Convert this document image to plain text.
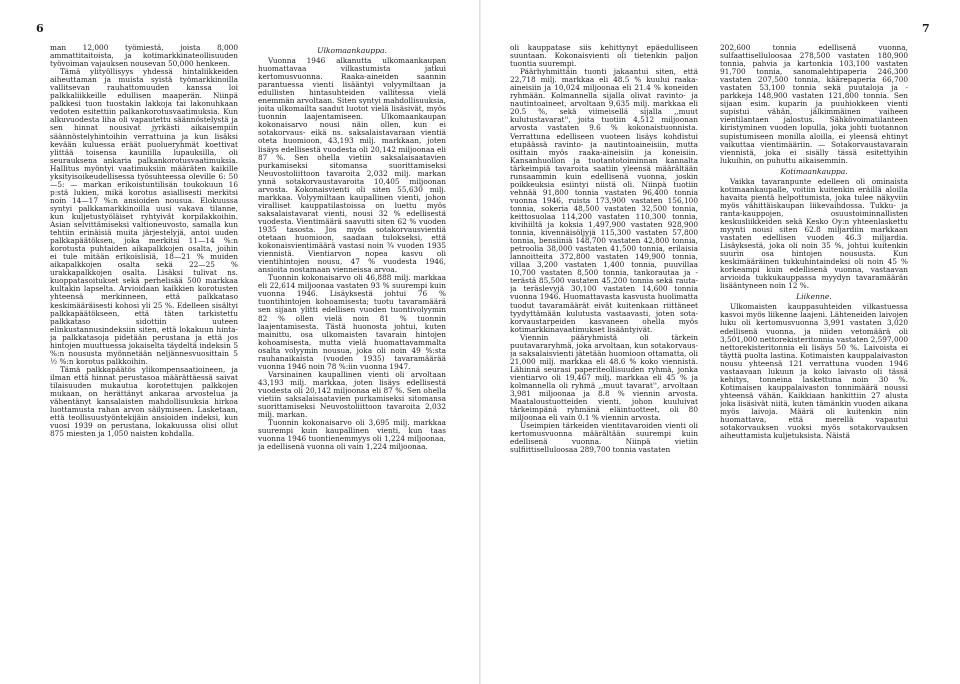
6	7

man 12,000 työmiestä, joista 8,000 ammattitaitoista, ja kotimarkkinateollisuuden työvoiman vajauksen nousevan 50,000 henkeen.

Tämä ylityöllisyys yhdessä hintaliikkeiden aiheuttaman ja muista syistä työmarkkinoilla vallitsevan rauhattomuuden kanssa loi palkkaliikkeille edullisen maaperän. Niinpä palkkesi tuon tuostakin lakkoja tai lakonuhkaan vedoten esitettiin palkankorotusvaatimuksia. Kun alkuvuodesta liha oli vapautettu säännöstelystä ja sen hinnat nousivat jyrkästi aikaisempiin säännöstelyhintoihin verrattuina ja kun lisäksi kevään kuluessa eräät puolueryhmät koettivat ylittää toisensa kauniilla lupauksilla, oli seurauksena ankaria palkankorotusvaatimuksia. Hallitus myöntyi vaatimuksiin määräten kaikille yksityisoikeudellisessa työsuhteessa oleville 6: 50—5: — markan erikoistuntilisän toukokuun 16 p:stä lukien, mikä korotus asiallisesti merkitsi noin 14—17 %:n ansioiden nousua. Elokuussa syntyi palkkamarkkinoilla uusi vakava tilanne, kun kuljetustyöläiset ryhtyivät korpilakkoihin. Asian selvittämiseksi valtioneuvosto, samalla kun tehtiin erinäisiä muita järjestelyjä, antoi uuden palkkapäätöksen, joka merkitsi 11—14 %:n korotusta puhtaiden aikapalkkojen osalta, joihin ei tule mitään erikoislisiä, 18—21 % muiden aikapalkkojen osalta sekä 22—25 % urakkapalkkojen osalta. Lisäksi tulivat ns. kuoppatasoitukset sekä perhelisää 500 markkaa kultakin lapselta. Arvioidaan kaikkien korotusten yhteensä merkinneen, että palkkataso keskimääräisesti kohosi yli 25 %. Edelleen sisältyi palkkapäätökseen, että täten tarkistettu palkkataso sidottiin uuteen elinkustannusindeksiin siten, että lokakuun hinta- ja palkkatasoja pidetään perustana ja että jos hintojen muuttuessa jokaiselta täydeltä indeksin 5 %:n noususta myönnetään neljännesvuosittain 5 ½ %:n korotus palkkoihin.

Tämä palkkapäätös ylikompensaatioineen, ja ilman että hinnat perustasoa määrättäessä saivat tilaisuuden mukautua korotettujen palkkojen mukaan, on herättänyt ankaraa arvostelua ja vähentänyt kansalaisten mahdollisuuksia hirkoa luottamusta rahan arvon säilymiseen. Lasketaan, että teollisuustyöntekijäin ansioiden indeksi, kun vuosi 1939 on perustana, lokakuussa olisi ollut 875 miesten ja 1,050 naisten kohdalla.

Ulkomaankauppa.

Vuonna 1946 alkanutta ulkomaankaupan huomattavaa vilkastumista jatkui kertomusvuonna. Raaka-aineiden saannin parantuessa vienti lisääntyi volyymiltaan ja edullisten hintasuhteiden vallitessa vielä enemmän arvoltaan. Siten syntyi mahdollisuuksia, joita ulkomailta saadut luotot vielä lisäsivät, myös tuonnin laajentamiseen. Ulkomaankaupan kokonaisarvo nousi näin ollen, kun ei sotakorvaus- eikä ns. saksalaistavaraan vientiä oteta huomioon, 43,193 milj. markkaan, joten lisäys edellisestä vuodesta oli 20,142 miljoonaa eli 87 %. Sen ohella vietiin saksalaisaatavien purkamiseksi sitomansa suorittamiseksi Neuvostoliittoon tavaroita 2,032 milj. markan ynnä sotakorvaustavaroita 10,405 miljoonan arvosta. Kokonaisvienti oli siten 55,630 milj. markkaa. Volyymiltaan kaupallinen vienti, johon viralliset kauppatilastoissa on luettu myös saksalaistavarat vienti, nousi 32 % edellisestä vuodesta. Vientimäärä saavutti siten 62 % vuoden 1935 tasosta. Jos myös sotakorvausvientiä otetaan huomioon, saadaan tulokseksi, että kokonaisvientimäärä vastasi noin ¾ vuoden 1935 viennistä. Vientiarvon nopea kasvu oli vientihintojen nousu, 47 % vuodesta 1946, ansioita nostamaan vienneissa arvoa.

Tuonnin kokonaisarvo oli 46,888 milj. markkaa eli 22,614 miljoonaa vastaten 93 % suurempi kuin vuonna 1946. Lisäyksestä johtui 76 % tuontihintojen kohoamisesta; tuotu tavaramäärä sen sijaan ylitti edellisen vuoden tuontivolyymin 82 % ollen vielä noin 81 % tuonnin laajentamisesta. Tästä huonosta johtui, kuten mainittu, osa ulkomaisten tavarain hintojen kohoamisesta, mutta vielä huomattavammalta osalta volyymin nousua, joka oli noin 49 %:sta rauhanaikaista (vuoden 1935) tavaramäärää vuonna 1946 noin 78 %:iin vuonna 1947.

Varsinainen kaupallinen vienti oli arvoltaan 43,193 milj. markkaa, joten lisäys edellisestä vuodesta oli 20,142 miljoonaa eli 87 %. Sen ohella vietiin saksalaisaatavien purkamiseksi sitomansa suorittamiseksi Neuvostoliittoon tavaroita 2,032 milj. markan.

Tuonnin kokonaisarvo oli 3,695 milj. markkaa suurempi kuin kaupallinen vienti, kun taas vuonna 1946 tuontienemmyys oli 1,224 miljoonaa, ja edellisenä vuonna oli vain 1,224 miljoonaa.

oli kauppatase siis kehittynyt epäedulliseen suuntaan. Kokonaisvienti oli tietenkin paljon tuontia suurempi.

Päärhyhmittäin tuonti jakaantui siten, että 22,718 milj. markkaa eli 48.5 % kuului raaka-aineisiin ja 10,024 miljoonaa eli 21.4 % koneiden ryhmään. Kolmannella sijalla olivat ravinto- ja nautintoaineet, arvoltaan 9,635 milj. markkaa eli 20.5 %, sekä viimeisellä sijalla ,,muut kulutustavarat'', joita tuotiin 4,512 miljoonan arvosta vastaten 9.6 % kokonaistuonnista. Verrattuna edelliseen vuoteen lisäys kohdistui etupäässä ravinto- ja nautintoaineisiin, mutta osittain myös raaka-aineisiin ja koneisiin. Kansanhuollon ja tuotantotoiminnan kannalta tärkeimpiä tavaroita saatiin yleensä määrältään runsaammin kuin edellisenä vuonna, joskin poikkeuksia esiintyi niistä oli. Niinpä tuotiin vehnää 91,800 tonnia vastaten 96,400 tonnia vuonna 1946, ruista 173,900 vastaten 156,100 tonnia, sokeria 48,500 vastaten 32,500 tonnia, keittosuolaa 114,200 vastaten 110,300 tonnia, kivihiiltä ja koksia 1,497,900 vastaten 928,900 tonnia, kivennäisöljyjä 115,300 vastaten 57,800 tonnia, bensiiniä 148,700 vastaten 42,800 tonnia, petroolia 38,000 vastaten 41,500 tonnia, erilaisia lannoitteita 372,800 vastaten 149,900 tonnia, villaa 3,200 vastaten 1,400 tonnia, puuvillaa 10,700 vastaten 8,500 tonnia, tankorautaa ja -terästä 85,500 vastaten 45,200 tonnia sekä rauta- ja teräslevyjä 30,100 vastaten 14,600 tonnia vuonna 1946. Huomattavasta kasvusta huolimatta tuodut tavaramäärät eivät kuitenkaan riittäneet tyydyttämään kulutusta vastaavasti, joten sota-korvaustarpeiden kasvaneen ohella myös kotimarkkinavaatimukset lisääntyivät.

Viennin pääryhmistä oli tärkein puutavararyhmä, joka arvoltaan, kun sotakorvaus- ja saksalaisvienti jätetään huomioon ottamatta, oli 21,000 milj. markkaa eli 48.6 % koko viennistä. Lähinnä seurasi paperiteollisuuden ryhmä, jonka vientiarvo oli 19,467 milj. markkaa eli 45 % ja kolmannella oli ryhmä ,,muut tavarat'', arvoltaan 3,981 miljoonaa ja 8.8 % viennin arvosta. Maataloustuotteiden vienti, johon kuuluivat tärkeimpänä ryhmänä eläintuotteet, oli 80 miljoonaa eli vain 0.1 % viennin arvosta.

Useimpien tärkeiden vientitavaroiden vienti oli kertomusvuonna määrältään suurempi kuin edellisenä vuonna. Niinpä vietiin sulfiittiselluloosaa 289,700 tonnia vastaten

202,600 tonnia edellisenä vuonna, sulfaattiselluloosaa 278,500 vastaten 180,900 tonnia, pahvia ja kartonkia 103,100 vastaten 91,700 tonnia, sanomalehtipaperia 246,300 vastaten 207,500 tonnia, käärepaperia 66,700 vastaten 53,100 tonnia sekä puutaloja ja -parkkeja 148,900 vastaten 121,800 tonnia. Sen sijaan esim. kuparin ja puuhiokkeen vienti supistui vähän, jälkimmäinen vaiheen vientilantaen jalostus. Sähkövoimatilanteen kiristyminen vuoden lopulla, joka johti tuotannon supistumiseen monilla aloilla, ei yleensä ehtinyt vaikuttaa vientimääriin. — Sotakorvaustavarain viennistä, joka ei sisälly tässä esitettyihin lukuihin, on puhuttu aikaisemmin.

Kotimaankauppa.

Vaikka tavaranpunte edelleen oli ominaista kotimaankaupalle, voitiin kuitenkin eräillä aloilla havaita pientä helpottumista, joka tulee näkyviin myös vähittäiskaupan liikevaihdossa. Tukku- ja ranta-kauppojen, osuustoiminnallisten keskusliikkeiden sekä Kesko Oy:n yhteenlaskettu myynti nousi siten 62.8 miljardiin markkaan vastaten edellisen vuoden 46.3 miljardia. Lisäyksestä, joka oli noin 35 %, johtui kuitenkin suurin osa hintojen noususta. Kun keskimääräinen tukkuhintaindeksi oli noin 45 % korkeampi kuin edellisenä vuonna, vastaavan arvioida tukkukauppassa myydyn tavaramäärän lisääntyneen noin 12 %.

Liikenne.

Ulkomaisten kauppasuhteiden vilkastuessa kasvoi myös liikenne laajeni. Lähteneiden laivojen luku oli kertomusvuonna 3,991 vastaten 3,020 edellisenä vuonna, ja niiden vetomäärä oli 3,501,000 nettorekisteritonnia vastaten 2,597,000 nettorekisteritonnia eli lisäys 50 %. Laivoista ei täyttä puolta lastina. Kotimaisten kauppalaivaston nousu yhteensä 121 verrattuna vuoden 1946 vastaavaan lukuun ja koko laivasto oli tässä kehitys, tonneina laskettuna noin 30 %. Kotimaisen kauppalaivaston tonnimäärä noussi yhteensä vähän. Kaikkiaan hankittiin 27 alusta joka lisäsivät niitä, kuten tämänkin vuoden aikana myös laivoja. Määrä oli kuitenkin niin huomattava, että merellä vapautui sotakorvauksen vuoksi myös sotakorvauksen aiheuttamista kuljetuksista. Näistä
